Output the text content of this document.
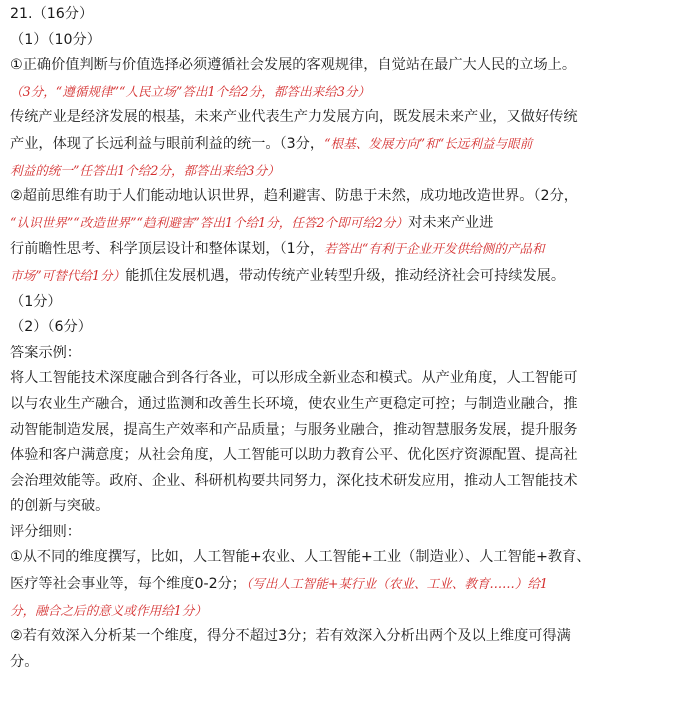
21.（16分）
（1）（10分）
①正确价值判断与价值选择必须遵循社会发展的客观规律，自觉站在最广大人民的立场上。
（3分，“遵循规律”“人民立场”答出1个给2分，都答出来给3分）
传统产业是经济发展的根基，未来产业代表生产力发展方向，既发展未来产业，又做好传统
产业，体现了长远利益与眼前利益的统一。（3分，“根基、发展方向”和“长远利益与眼前
利益的统一”任答出1个给2分，都答出来给3分）
②超前思维有助于人们能动地认识世界，趋利避害、防患于未然，成功地改造世界。（2分，
“认识世界”“改造世界”“趋利避害”答出1个给1分，任答2个即可给2分）对未来产业进
行前瞻性思考、科学顶层设计和整体谋划，（1分，若答出“有利于企业开发供给侧的产品和
市场”可替代给1分）能抓住发展机遇，带动传统产业转型升级，推动经济社会可持续发展。
（1分）
（2）（6分）
答案示例：
将人工智能技术深度融合到各行各业，可以形成全新业态和模式。从产业角度，人工智能可
以与农业生产融合，通过监测和改善生长环境，使农业生产更稳定可控；与制造业融合，推
动智能制造发展，提高生产效率和产品质量；与服务业融合，推动智慧服务发展，提升服务
体验和客户满意度；从社会角度，人工智能可以助力教育公平、优化医疗资源配置、提高社
会治理效能等。政府、企业、科研机构要共同努力，深化技术研发应用，推动人工智能技术
的创新与突破。
评分细则：
①从不同的维度撰写，比如，人工智能+农业、人工智能+工业（制造业）、人工智能+教育、
医疗等社会事业等，每个维度0-2分；（写出人工智能+某行业（农业、工业、教育……）给1
分，融合之后的意义或作用给1分）
②若有效深入分析某一个维度，得分不超过3分；若有效深入分析出两个及以上维度可得满
分。
